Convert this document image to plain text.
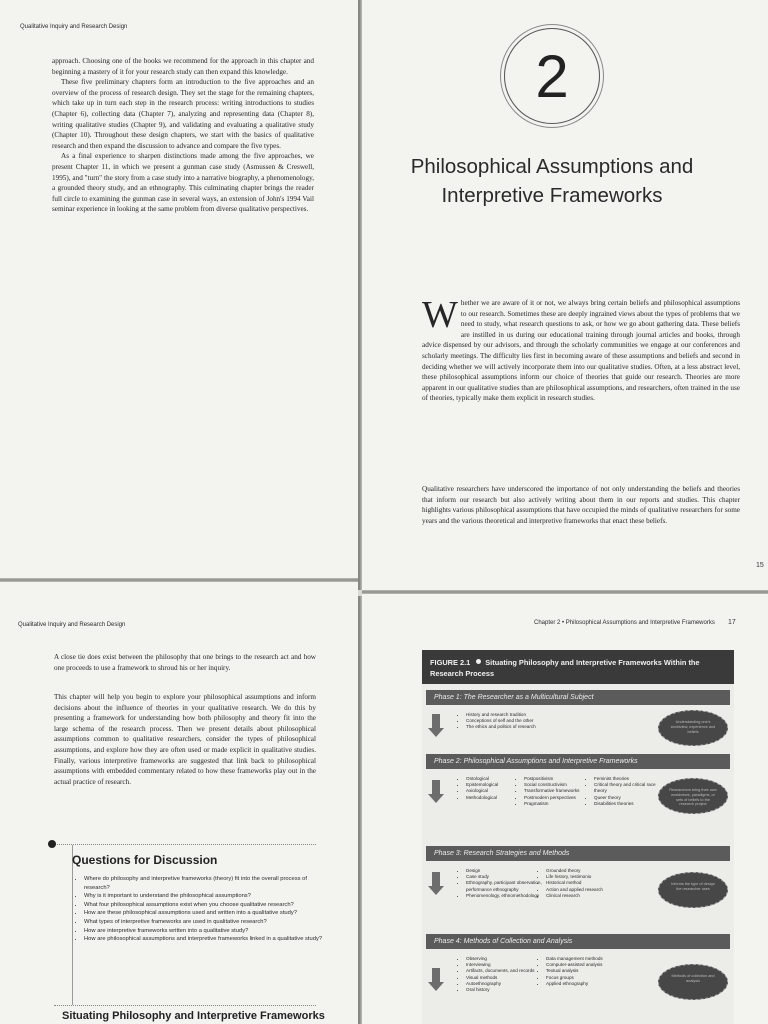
Qualitative Inquiry and Research Design

approach. Choosing one of the books we recommend for the approach in this chapter and beginning a mastery of it for your research study can then expand this knowledge.

These five preliminary chapters form an introduction to the five approaches and an overview of the process of research design. They set the stage for the remaining chapters, which take up in turn each step in the research process: writing introductions to studies (Chapter 6), collecting data (Chapter 7), analyzing and representing data (Chapter 8), writing qualitative studies (Chapter 9), and validating and evaluating a qualitative study (Chapter 10). Throughout these design chapters, we start with the basics of qualitative research and then expand the discussion to advance and compare the five types.

As a final experience to sharpen distinctions made among the five approaches, we present Chapter 11, in which we present a gunman case study (Asmussen & Creswell, 1995), and "turn" the story from a case study into a narrative biography, a phenomenology, a grounded theory study, and an ethnography. This culminating chapter brings the reader full circle to examining the gunman case in several ways, an extension of John's 1994 Vail seminar experience in looking at the same problem from diverse qualitative perspectives.

2
Philosophical Assumptions and Interpretive Frameworks

Whether we are aware of it or not, we always bring certain beliefs and philosophical assumptions to our research. Sometimes these are deeply ingrained views about the types of problems that we need to study, what research questions to ask, or how we go about gathering data. These beliefs are instilled in us during our educational training through journal articles and books, through advice dispensed by our advisors, and through the scholarly communities we engage at our conferences and scholarly meetings. The difficulty lies first in becoming aware of these assumptions and beliefs and second in deciding whether we will actively incorporate them into our qualitative studies. Often, at a less abstract level, these philosophical assumptions inform our choice of theories that guide our research. Theories are more apparent in our qualitative studies than are philosophical assumptions, and researchers, often trained in the use of theories, typically make them explicit in research studies.

Qualitative researchers have underscored the importance of not only understanding the beliefs and theories that inform our research but also actively writing about them in our reports and studies. This chapter highlights various philosophical assumptions that have occupied the minds of qualitative researchers for some years and the various theoretical and interpretive frameworks that enact these beliefs.

15
Qualitative Inquiry and Research Design

A close tie does exist between the philosophy that one brings to the research act and how one proceeds to use a framework to shroud his or her inquiry.

This chapter will help you begin to explore your philosophical assumptions and inform decisions about the influence of theories in your qualitative research. We do this by presenting a framework for understanding how both philosophy and theory fit into the large schema of the research process. Then we present details about philosophical assumptions common to qualitative researchers, consider the types of philosophical assumptions, and explore how they are often used or made explicit in qualitative studies. Finally, various interpretive frameworks are suggested that link back to philosophical assumptions with embedded commentary related to how these frameworks play out in the actual practice of research.

Questions for Discussion
• Where do philosophy and interpretive frameworks (theory) fit into the overall process of research?
• Why is it important to understand the philosophical assumptions?
• What four philosophical assumptions exist when you choose qualitative research?
• How are these philosophical assumptions used and written into a qualitative study?
• What types of interpretive frameworks are used in qualitative research?
• How are interpretive frameworks written into a qualitative study?
• How are philosophical assumptions and interpretive frameworks linked in a qualitative study?
Situating Philosophy and Interpretive Frameworks
Chapter 2 • Philosophical Assumptions and Interpretive Frameworks 17
FIGURE 2.1 Situating Philosophy and Interpretive Frameworks Within the Research Process
Phase 1: The Researcher as a Multicultural Subject
• History and research tradition
• Conceptions of self and the other
• The ethics and politics of research
Understanding one's worldview, experience and beliefs
Phase 2: Philosophical Assumptions and Interpretive Frameworks
• Ontological
• Epistemological
• Axiological
• Methodological
• Postpositivism
• Social constructivism
• Transformative frameworks
• Postmodern perspectives
• Pragmatism
• Feminist theories
• Critical theory and critical race theory
• Queer theory
• Disabilities theories
Researchers bring their own worldviews, paradigms, or sets of beliefs to the research project
Phase 3: Research Strategies and Methods
• Design
• Case study
• Ethnography, participant observation, performance ethnography
• Phenomenology, ethnomethodology
• Grounded theory
• Life history, testimonio
• Historical method
• Action and applied research
• Clinical research
Informs the type of design the researcher uses
Phase 4: Methods of Collection and Analysis
• Observing
• Interviewing
• Artifacts, documents, and records
• Visual methods
• Autoethnography
• Oral history
• Data management methods
• Computer-assisted analysis
• Textual analysis
• Focus groups
• Applied ethnography
Methods of collection and analysis
